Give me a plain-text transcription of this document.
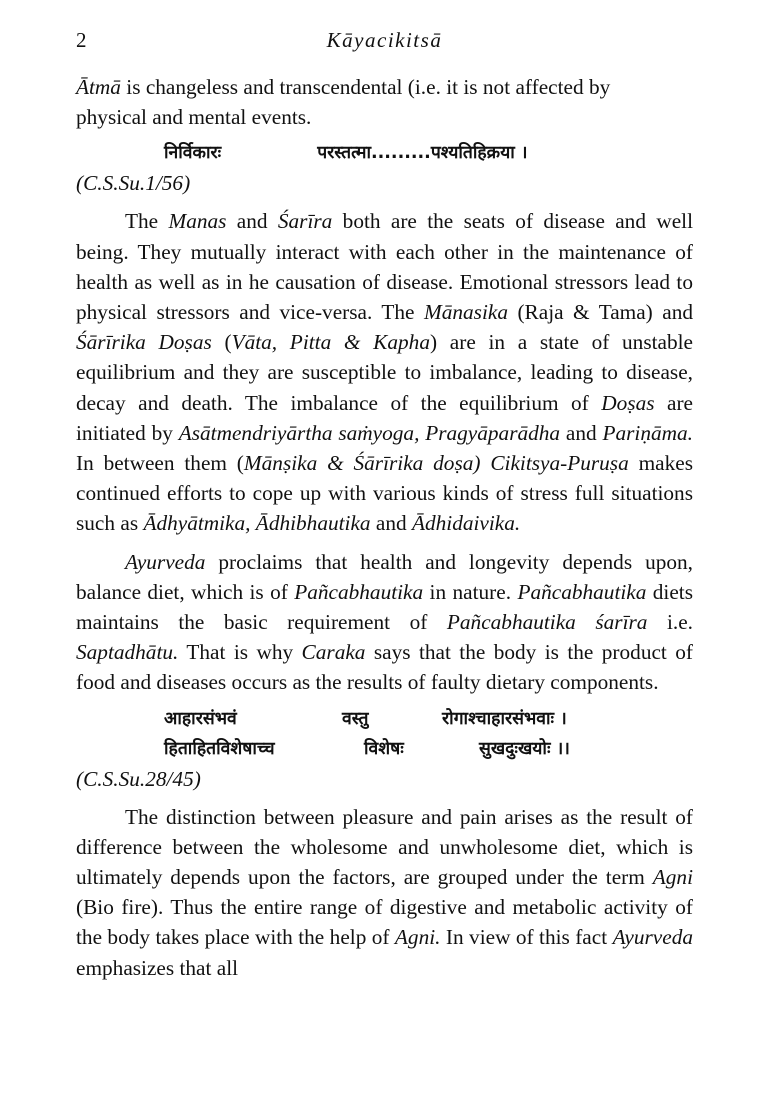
2	Kāyacikitsā

Ātmā is changeless and transcendental (i.e. it is not affected by
physical and mental events.

निर्विकारः	परस्तत्मा.........पश्यतिहिक्रया ।

(C.S.Su.1/56)

The Manas and Śarīra both are the seats of disease and well being. They mutually interact with each other in the maintenance of health as well as in he causation of disease. Emotional stressors lead to physical stressors and vice-versa. The Mānasika (Raja & Tama) and Śārīrika Doṣas (Vāta, Pitta & Kapha) are in a state of unstable equilibrium and they are susceptible to imbalance, leading to disease, decay and death. The imbalance of the equilibrium of Doṣas are initiated by Asātmendriyārtha saṁyoga, Pragyāparādha and Pariṇāma. In between them (Mānṣika & Śārīrika doṣa) Cikitsya-Puruṣa makes continued efforts to cope up with various kinds of stress full situations such as Ādhyātmika, Ādhibhautika and Ādhidaivika.

Ayurveda proclaims that health and longevity depends upon, balance diet, which is of Pañcabhautika in nature. Pañcabhautika diets maintains the basic requirement of Pañcabhautika śarīra i.e. Saptadhātu. That is why Caraka says that the body is the product of food and diseases occurs as the results of faulty dietary components.

आहारसंभवं	वस्तु	रोगाश्चाहारसंभवाः ।
हिताहितविशेषाच्च	विशेषः	सुखदुःखयोः ।।

(C.S.Su.28/45)

The distinction between pleasure and pain arises as the result of difference between the wholesome and unwholesome diet, which is ultimately depends upon the factors, are grouped under the term Agni (Bio fire). Thus the entire range of digestive and metabolic activity of the body takes place with the help of Agni. In view of this fact Ayurveda emphasizes that all
